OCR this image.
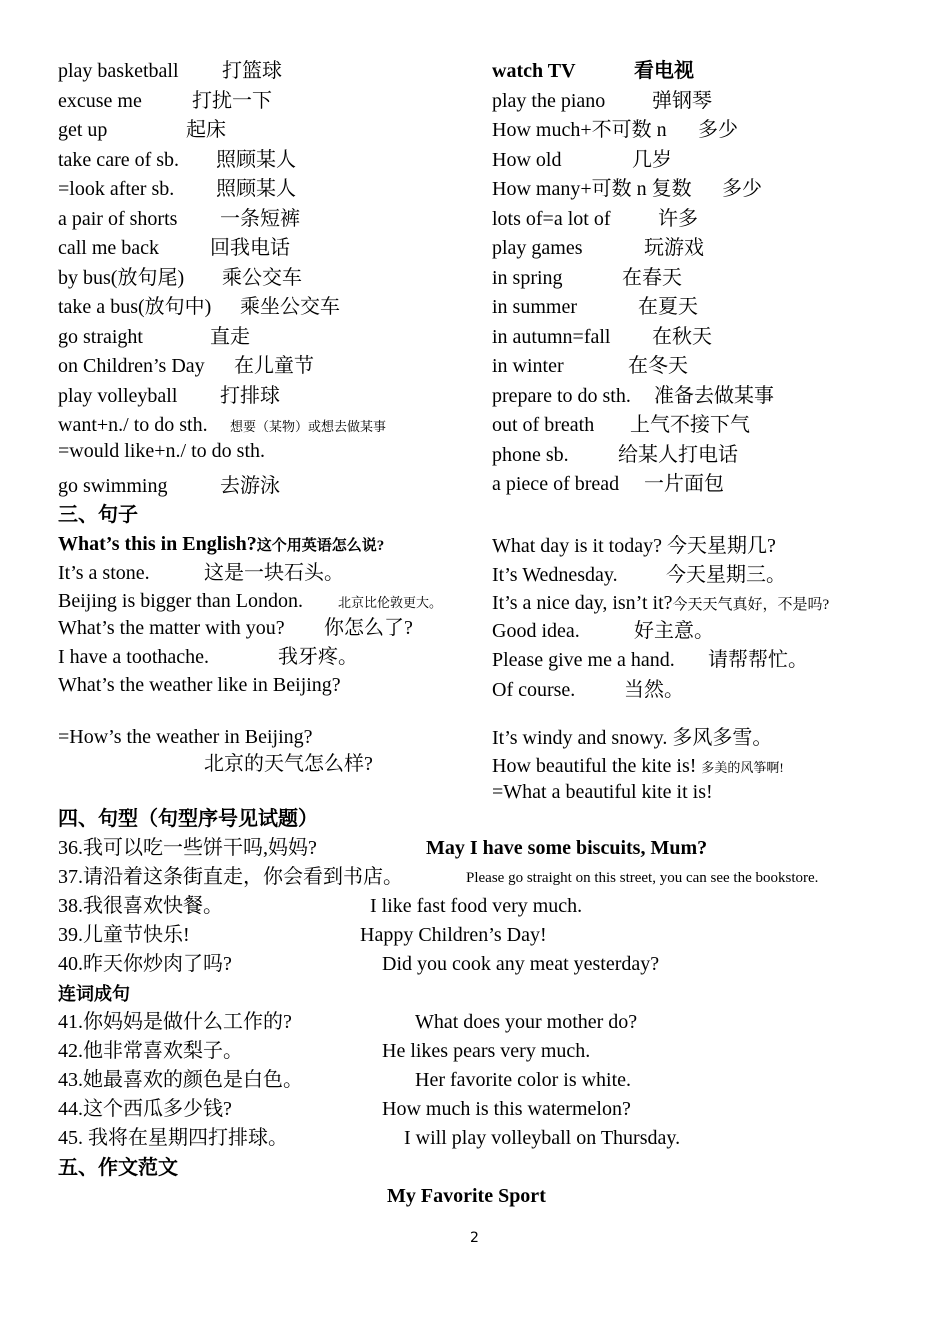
play basketball 打篮球
excuse me	打扰一下
get up	起床
take care of sb. 照顾某人
=look after sb. 照顾某人
a pair of shorts 一条短裤
call me back	回我电话
by bus(放句尾) 乘公交车
take a bus(放句中) 乘坐公交车
go straight	直走
on Children’s Day 在儿童节
play volleyball 打排球
want+n./ to do sth. 想要（某物）或想去做某事
=would like+n./ to do sth.
go swimming	去游泳
watch TV	看电视
play the piano 弹钢琴
How much+不可数 n 多少
How old	几岁
How many+可数 n 复数 多少
lots of=a lot of 许多
play games	玩游戏
in spring	在春天
in summer	在夏天
in autumn=fall 在秋天
in winter	在冬天
prepare to do sth. 准备去做某事
out of breath 上气不接下气
phone sb. 给某人打电话
a piece of bread 一片面包
三、句子
What’s this in English?这个用英语怎么说?
It’s a stone.	这是一块石头。
Beijing is bigger than London.	北京比伦敦更大。
What’s the matter with you? 你怎么了?
I have a toothache.	我牙疼。
What’s the weather like in Beijing?
=How’s the weather in Beijing?
北京的天气怎么样?
What day is it today? 今天星期几?
It’s Wednesday. 今天星期三。
It’s a nice day, isn’t it?今天天气真好，不是吗?
Good idea.	好主意。
Please give me a hand. 请帮帮忙。
Of course. 当然。
It’s windy and snowy. 多风多雪。
How beautiful the kite is! 多美的风筝啊!
=What a beautiful kite it is!
四、句型（句型序号见试题）
36.我可以吃一些饼干吗,妈妈?	May I have some biscuits, Mum?
37.请沿着这条街直走，你会看到书店。	Please go straight on this street, you can see the bookstore.
38.我很喜欢快餐。	I like fast food very much.
39.儿童节快乐!	Happy Children’s Day!
40.昨天你炒肉了吗?	Did you cook any meat yesterday?
连词成句
41.你妈妈是做什么工作的?	What does your mother do?
42.他非常喜欢梨子。	He likes pears very much.
43.她最喜欢的颜色是白色。	Her favorite color is white.
44.这个西瓜多少钱?	How much is this watermelon?
45. 我将在星期四打排球。	I will play volleyball on Thursday.
五、作文范文
My Favorite Sport
2
